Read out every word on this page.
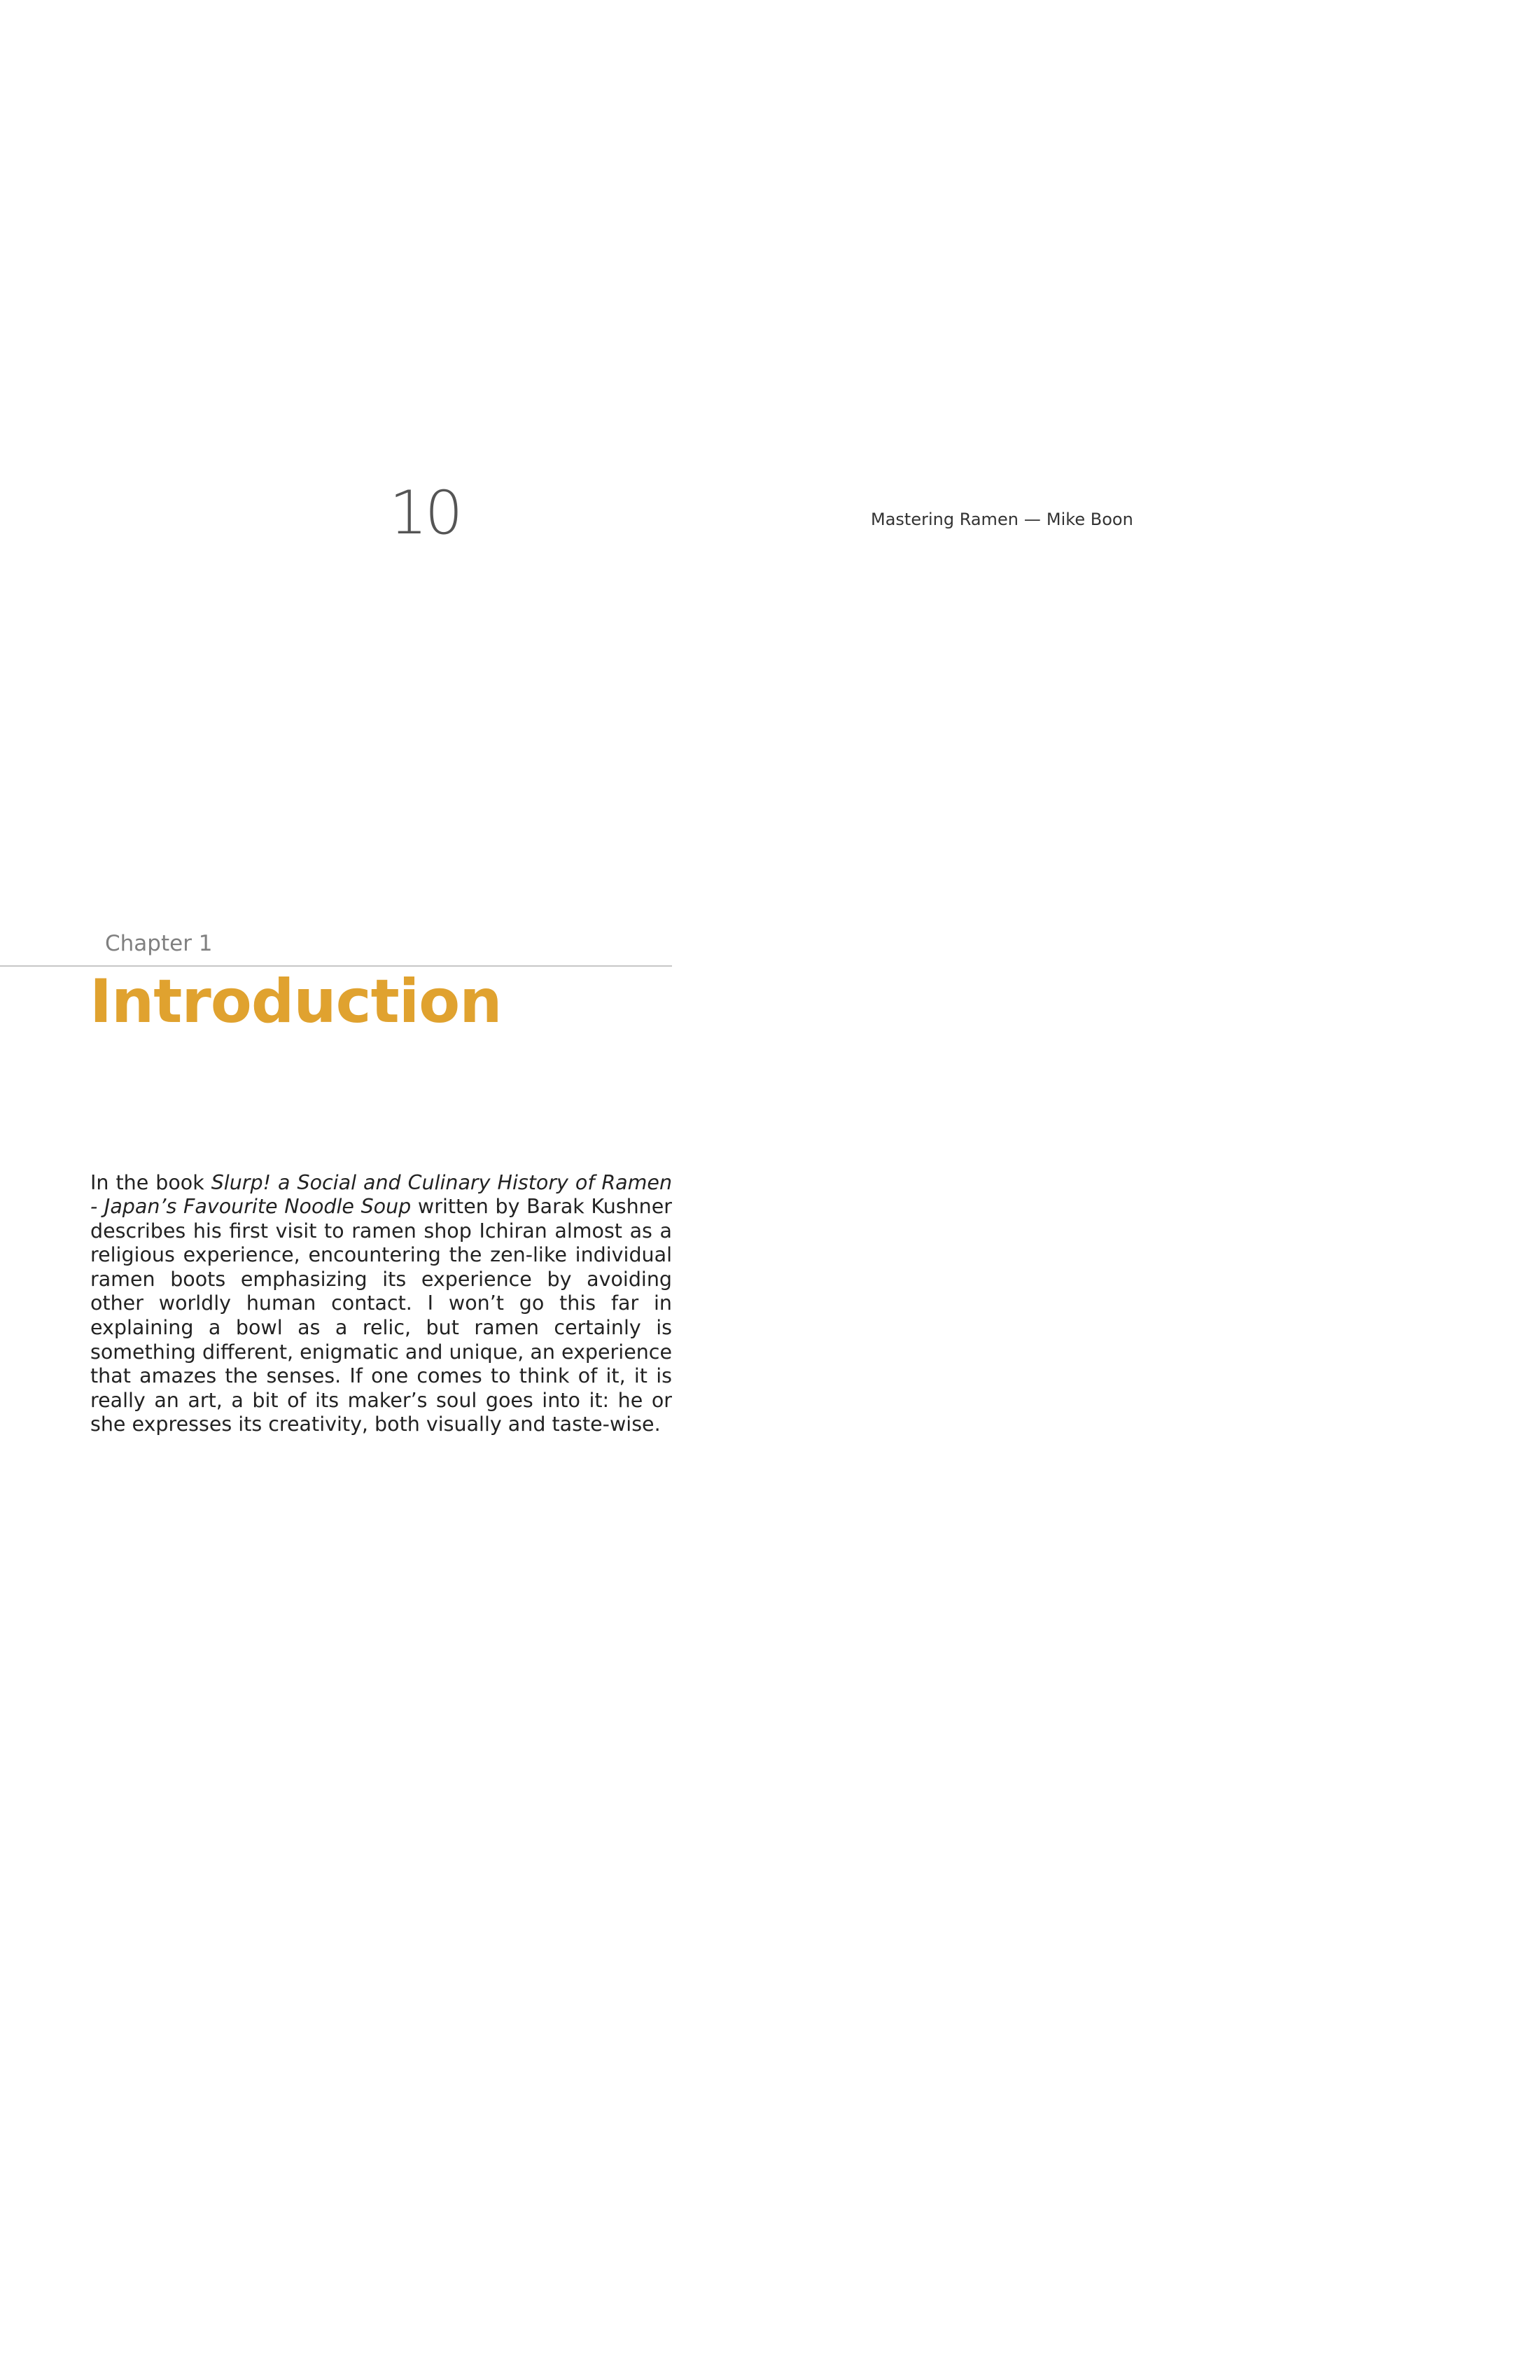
10	Mastering Ramen — Mike Boon
Chapter 1
Introduction

In the book Slurp! a Social and Culinary History of Ramen - Japan’s Favourite Noodle Soup written by Barak Kushner describes his first visit to ramen shop Ichiran almost as a religious experience, encountering the zen-like individual ramen boots emphasizing its experience by avoiding other worldly human contact. I won’t go this far in explaining a bowl as a relic, but ramen certainly is something different, enigmatic and unique, an experience that amazes the senses. If one comes to think of it, it is really an art, a bit of its maker’s soul goes into it: he or she expresses its creativity, both visually and taste-wise.
